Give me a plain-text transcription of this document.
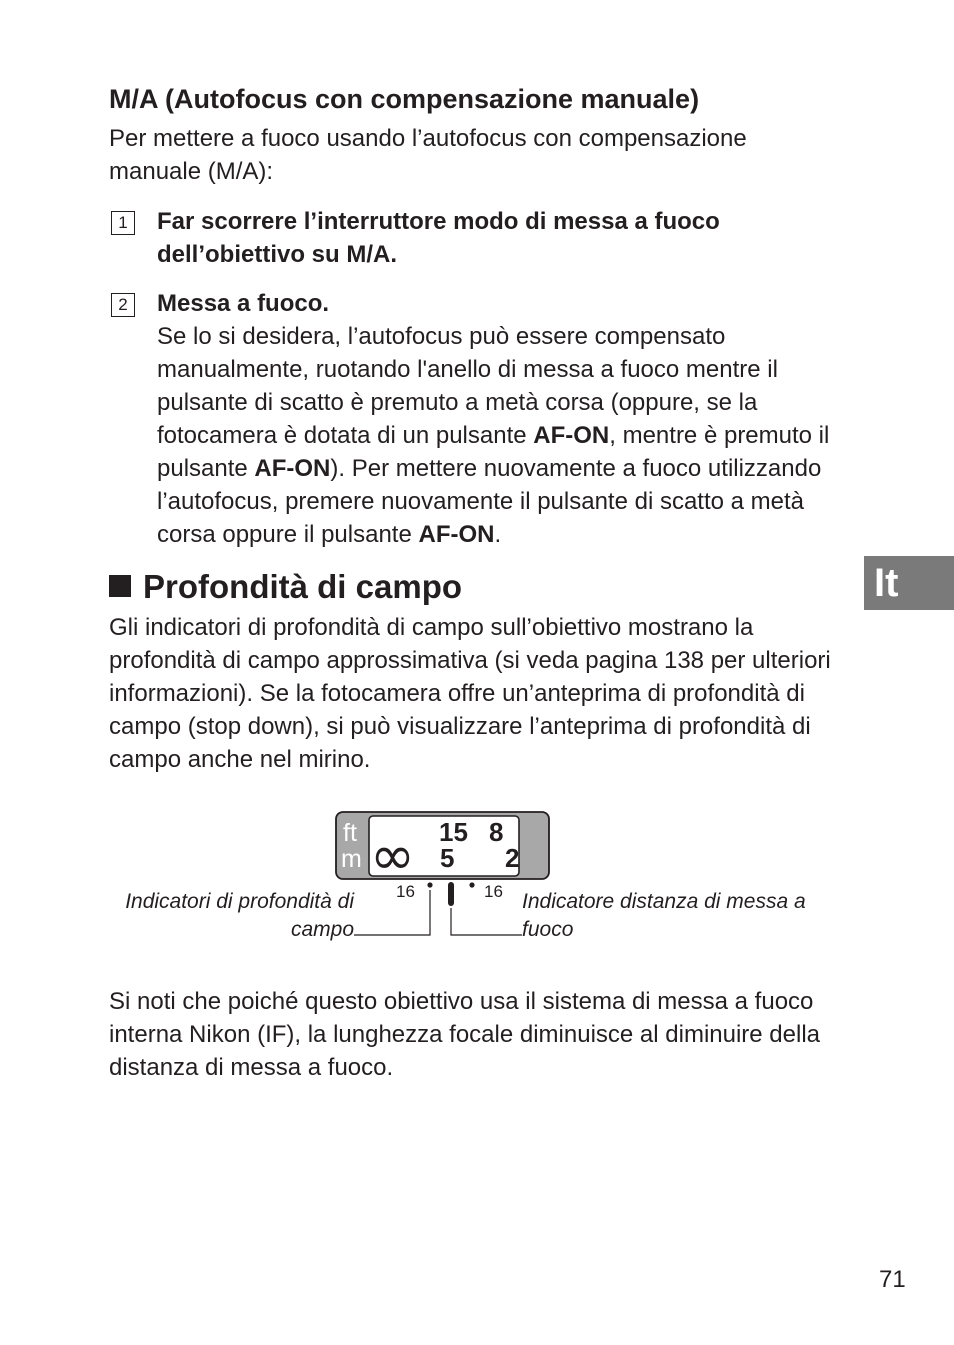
M/A (Autofocus con compensazione manuale)
Per mettere a fuoco usando l’autofocus con compensazione manuale (M/A):
1	Far scorrere l’interruttore modo di messa a fuoco dell’obiettivo su M/A.
2	Messa a fuoco.
Se lo si desidera, l’autofocus può essere compensato manualmente, ruotando l'anello di messa a fuoco mentre il pulsante di scatto è premuto a metà corsa (oppure, se la fotocamera è dotata di un pulsante AF-ON, mentre è premuto il pulsante AF-ON). Per mettere nuovamente a fuoco utilizzando l’autofocus, premere nuovamente il pulsante di scatto a metà corsa oppure il pulsante AF-ON.
Profondità di campo
Gli indicatori di profondità di campo sull’obiettivo mostrano la profondità di campo approssimativa (si veda pagina 138 per ulteriori informazioni). Se la fotocamera offre un’anteprima di profondità di campo (stop down), si può visualizzare l’anteprima di profondità di campo anche nel mirino.
It
ft
m ∞ 15 8
5 2
16	16
Indicatori di profondità di campo
Indicatore distanza di messa a fuoco
Si noti che poiché questo obiettivo usa il sistema di messa a fuoco interna Nikon (IF), la lunghezza focale diminuisce al diminuire della distanza di messa a fuoco.
71
